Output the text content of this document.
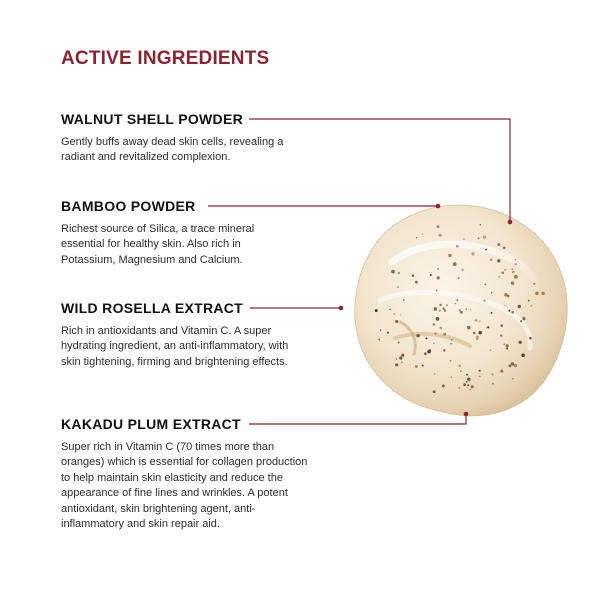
ACTIVE INGREDIENTS
WALNUT SHELL POWDER

Gently buffs away dead skin cells, revealing a radiant and revitalized complexion.

BAMBOO POWDER

Richest source of Silica, a trace mineral essential for healthy skin. Also rich in Potassium, Magnesium and Calcium.

WILD ROSELLA EXTRACT

Rich in antioxidants and Vitamin C. A super hydrating ingredient, an anti-inflammatory, with skin tightening, firming and brightening effects.

KAKADU PLUM EXTRACT

Super rich in Vitamin C (70 times more than oranges) which is essential for collagen production to help maintain skin elasticity and reduce the appearance of fine lines and wrinkles. A potent antioxidant, skin brightening agent, anti-inflammatory and skin repair aid.
